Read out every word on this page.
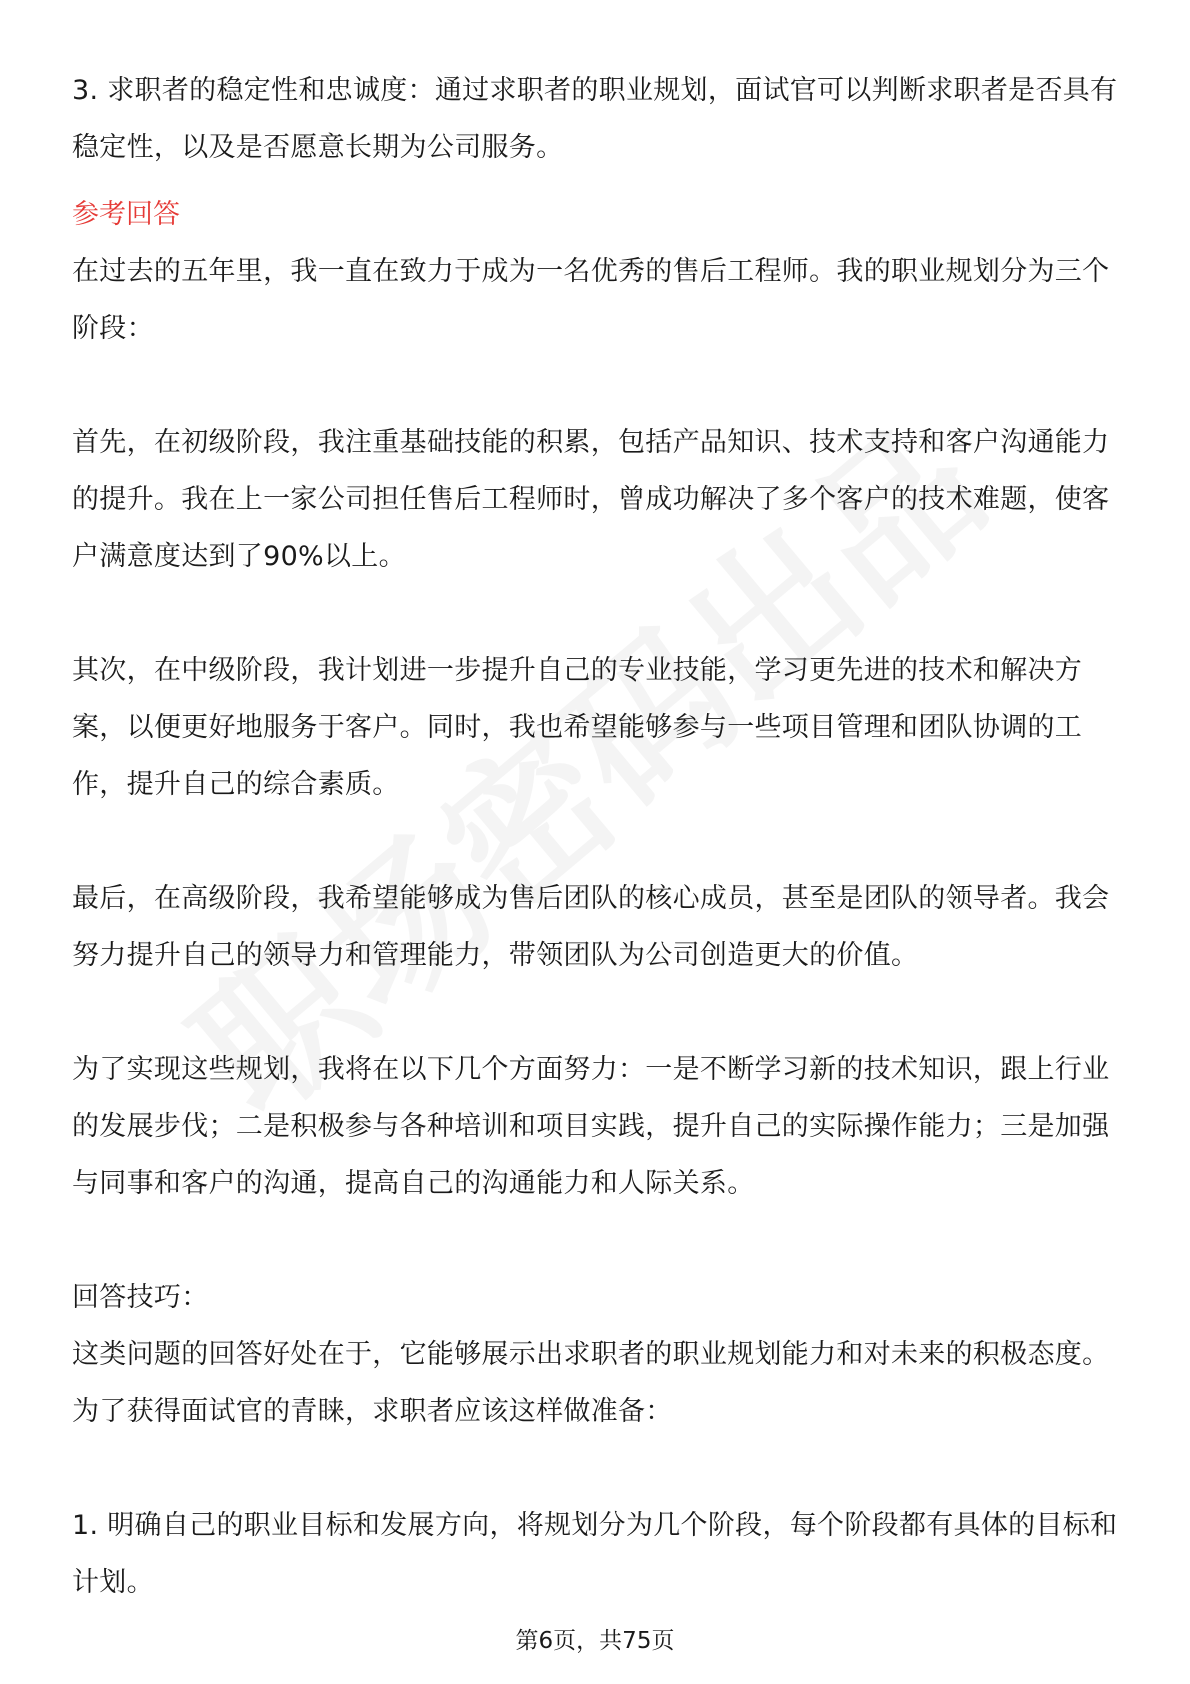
3. 求职者的稳定性和忠诚度：通过求职者的职业规划，面试官可以判断求职者是否具有稳定性，以及是否愿意长期为公司服务。

参考回答

在过去的五年里，我一直在致力于成为一名优秀的售后工程师。我的职业规划分为三个阶段：

首先，在初级阶段，我注重基础技能的积累，包括产品知识、技术支持和客户沟通能力的提升。我在上一家公司担任售后工程师时，曾成功解决了多个客户的技术难题，使客户满意度达到了90%以上。

其次，在中级阶段，我计划进一步提升自己的专业技能，学习更先进的技术和解决方案，以便更好地服务于客户。同时，我也希望能够参与一些项目管理和团队协调的工作，提升自己的综合素质。

最后，在高级阶段，我希望能够成为售后团队的核心成员，甚至是团队的领导者。我会努力提升自己的领导力和管理能力，带领团队为公司创造更大的价值。

为了实现这些规划，我将在以下几个方面努力：一是不断学习新的技术知识，跟上行业的发展步伐；二是积极参与各种培训和项目实践，提升自己的实际操作能力；三是加强与同事和客户的沟通，提高自己的沟通能力和人际关系。

回答技巧：

这类问题的回答好处在于，它能够展示出求职者的职业规划能力和对未来的积极态度。为了获得面试官的青睐，求职者应该这样做准备：

1. 明确自己的职业目标和发展方向，将规划分为几个阶段，每个阶段都有具体的目标和计划。

第6页，共75页
